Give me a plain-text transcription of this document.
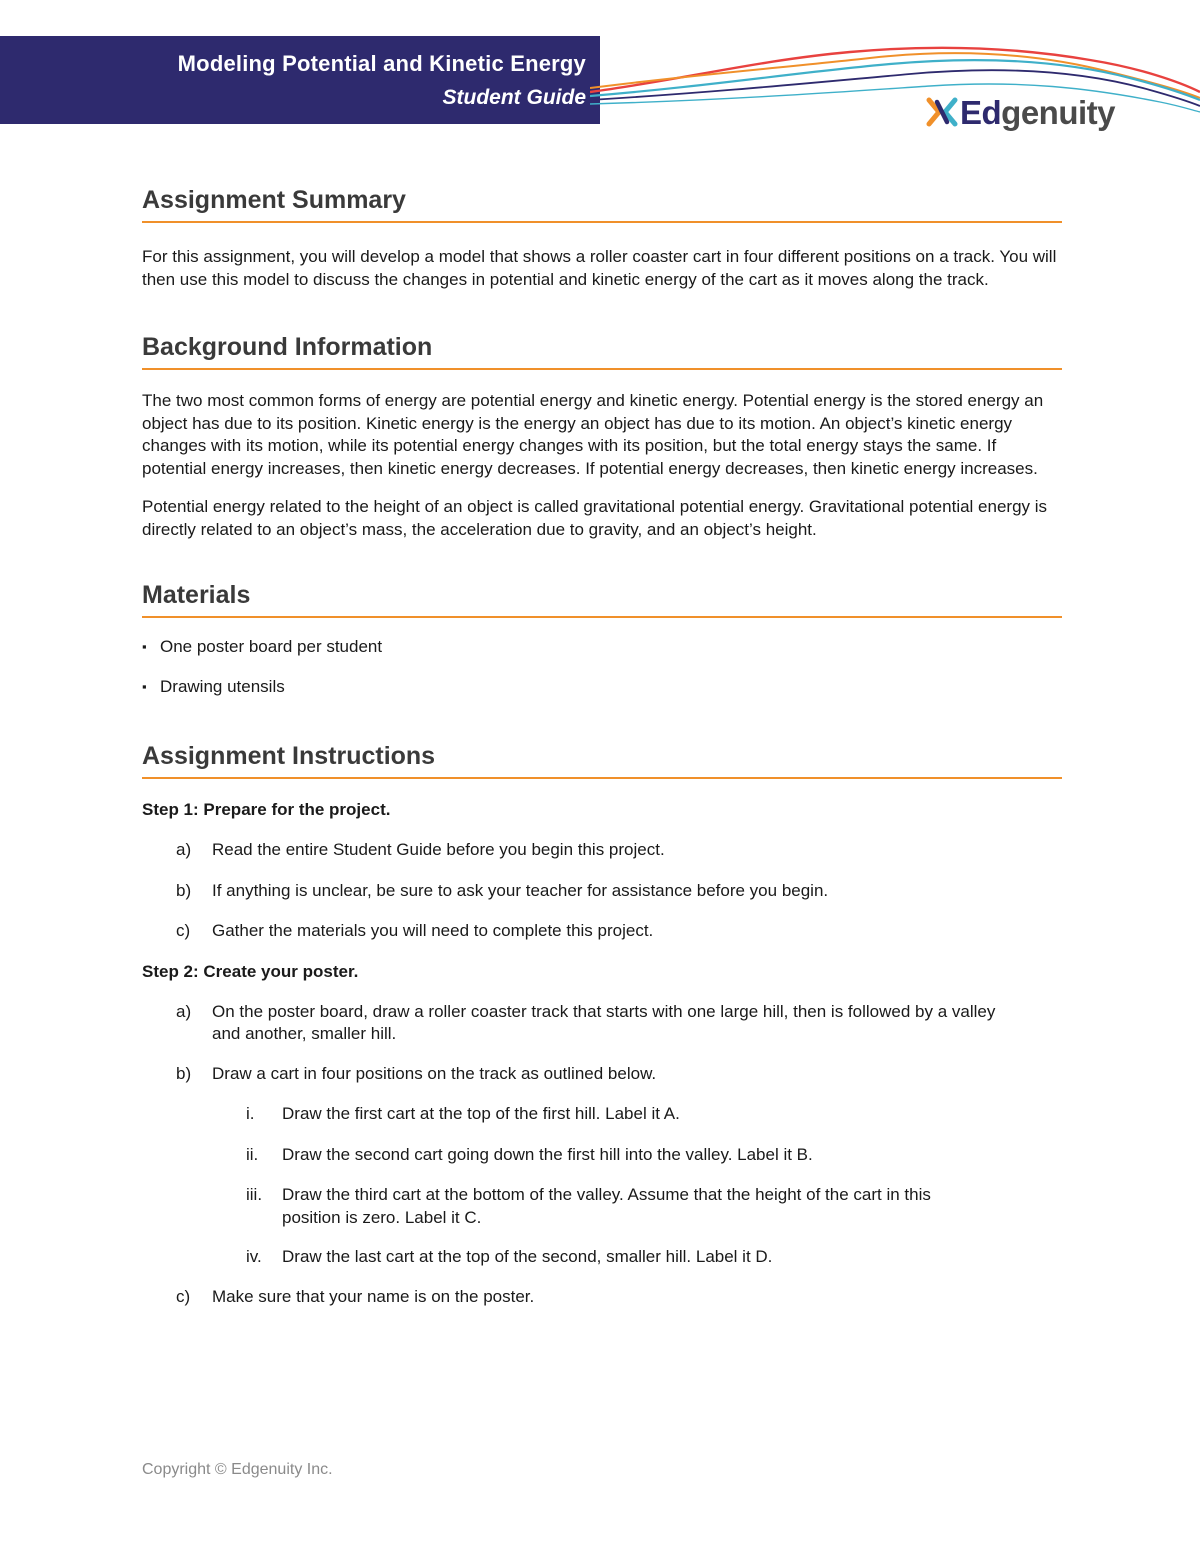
Modeling Potential and Kinetic Energy
Student Guide	Edgenuity
Assignment Summary

For this assignment, you will develop a model that shows a roller coaster cart in four different positions on a track. You will then use this model to discuss the changes in potential and kinetic energy of the cart as it moves along the track.

Background Information

The two most common forms of energy are potential energy and kinetic energy. Potential energy is the stored energy an object has due to its position. Kinetic energy is the energy an object has due to its motion. An object’s kinetic energy changes with its motion, while its potential energy changes with its position, but the total energy stays the same. If potential energy increases, then kinetic energy decreases. If potential energy decreases, then kinetic energy increases.

Potential energy related to the height of an object is called gravitational potential energy. Gravitational potential energy is directly related to an object’s mass, the acceleration due to gravity, and an object’s height.

Materials
▪ One poster board per student
▪ Drawing utensils
Assignment Instructions

Step 1: Prepare for the project.

a)	Read the entire Student Guide before you begin this project.
b)	If anything is unclear, be sure to ask your teacher for assistance before you begin.
c)	Gather the materials you will need to complete this project.

Step 2: Create your poster.

a)	On the poster board, draw a roller coaster track that starts with one large hill, then is followed by a valley and another, smaller hill.
b)	Draw a cart in four positions on the track as outlined below.
i.	Draw the first cart at the top of the first hill. Label it A.
ii.	Draw the second cart going down the first hill into the valley. Label it B.
iii.	Draw the third cart at the bottom of the valley. Assume that the height of the cart in this position is zero. Label it C.
iv.	Draw the last cart at the top of the second, smaller hill. Label it D.
c)	Make sure that your name is on the poster.
Copyright © Edgenuity Inc.
